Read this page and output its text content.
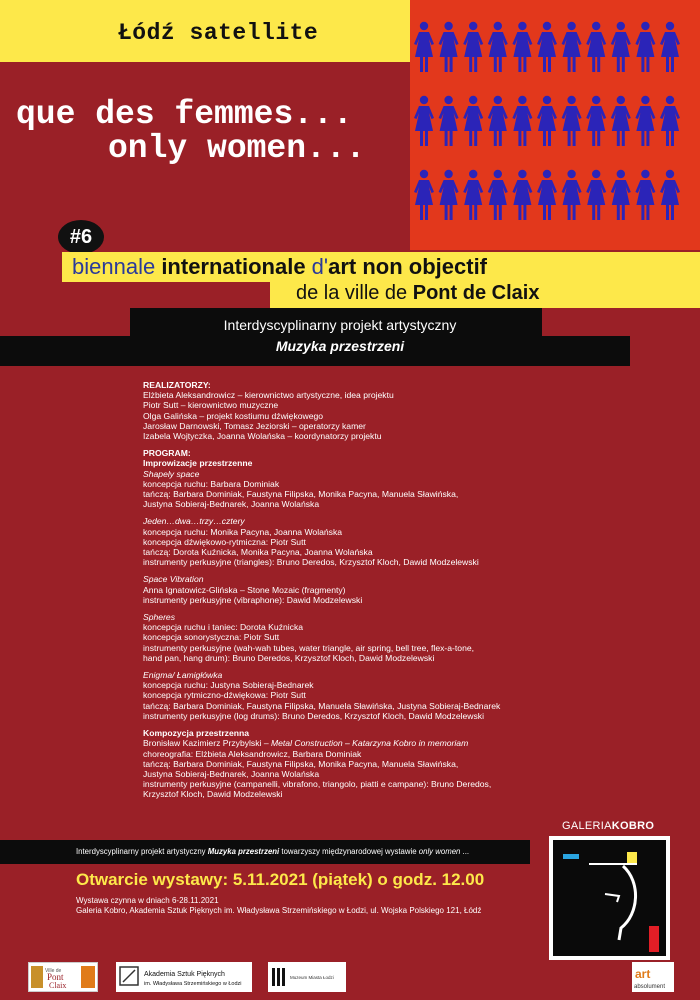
Łódź satellite
que des femmes...
only women...
#6
biennale internationale d'art non objectif
de la ville de Pont de Claix
Interdyscyplinarny projekt artystyczny
Muzyka przestrzeni
REALIZATORZY:
Elżbieta Aleksandrowicz – kierownictwo artystyczne, idea projektu
Piotr Sutt – kierownictwo muzyczne
Olga Galińska – projekt kostiumu dźwiękowego
Jarosław Darnowski, Tomasz Jeziorski – operatorzy kamer
Izabela Wojtyczka, Joanna Wolańska – koordynatorzy projektu
PROGRAM:
Improwizacje przestrzenne
Shapely space
koncepcja ruchu: Barbara Dominiak
tańczą: Barbara Dominiak, Faustyna Filipska, Monika Pacyna, Manuela Sławińska,
Justyna Sobieraj-Bednarek, Joanna Wolańska
Jeden…dwa…trzy…cztery
koncepcja ruchu: Monika Pacyna, Joanna Wolańska
koncepcja dźwiękowo-rytmiczna: Piotr Sutt
tańczą: Dorota Kuźnicka, Monika Pacyna, Joanna Wolańska
instrumenty perkusyjne (triangles): Bruno Deredos, Krzysztof Kloch, Dawid Modzelewski
Space Vibration
Anna Ignatowicz-Glińska – Stone Mozaic (fragmenty)
instrumenty perkusyjne (vibraphone): Dawid Modzelewski
Spheres
koncepcja ruchu i taniec: Dorota Kuźnicka
koncepcja sonorystyczna: Piotr Sutt
instrumenty perkusyjne (wah-wah tubes, water triangle, air spring, bell tree, flex-a-tone,
hand pan, hang drum): Bruno Deredos, Krzysztof Kloch, Dawid Modzelewski
Enigma/ Łamigłówka
koncepcja ruchu: Justyna Sobieraj-Bednarek
koncepcja rytmiczno-dźwiękowa: Piotr Sutt
tańczą: Barbara Dominiak, Faustyna Filipska, Manuela Sławińska, Justyna Sobieraj-Bednarek
instrumenty perkusyjne (log drums): Bruno Deredos, Krzysztof Kloch, Dawid Modzelewski
Kompozycja przestrzenna
Bronisław Kazimierz Przybylski – Metal Construction – Katarzyna Kobro in memoriam
choreografia: Elżbieta Aleksandrowicz, Barbara Dominiak
tańczą: Barbara Dominiak, Faustyna Filipska, Monika Pacyna, Manuela Sławińska,
Justyna Sobieraj-Bednarek, Joanna Wolańska
instrumenty perkusyjne (campanelli, vibrafono, triangolo, piatti e campane): Bruno Deredos,
Krzysztof Kloch, Dawid Modzelewski
Interdyscyplinarny projekt artystyczny Muzyka przestrzeni towarzyszy międzynarodowej wystawie only women ...
Otwarcie wystawy: 5.11.2021 (piątek) o godz. 12.00
Wystawa czynna w dniach 6-28.11.2021
Galeria Kobro, Akademia Sztuk Pięknych im. Władysława Strzemińskiego w Łodzi, ul. Wojska Polskiego 121, Łódź
GALERIAKOBRO
Ville de
Pont
Claix
Akademia Sztuk Pięknych
im. Władysława Strzemińskiego w Łodzi
Muzeum Miasta Łodzi	art
absolument
